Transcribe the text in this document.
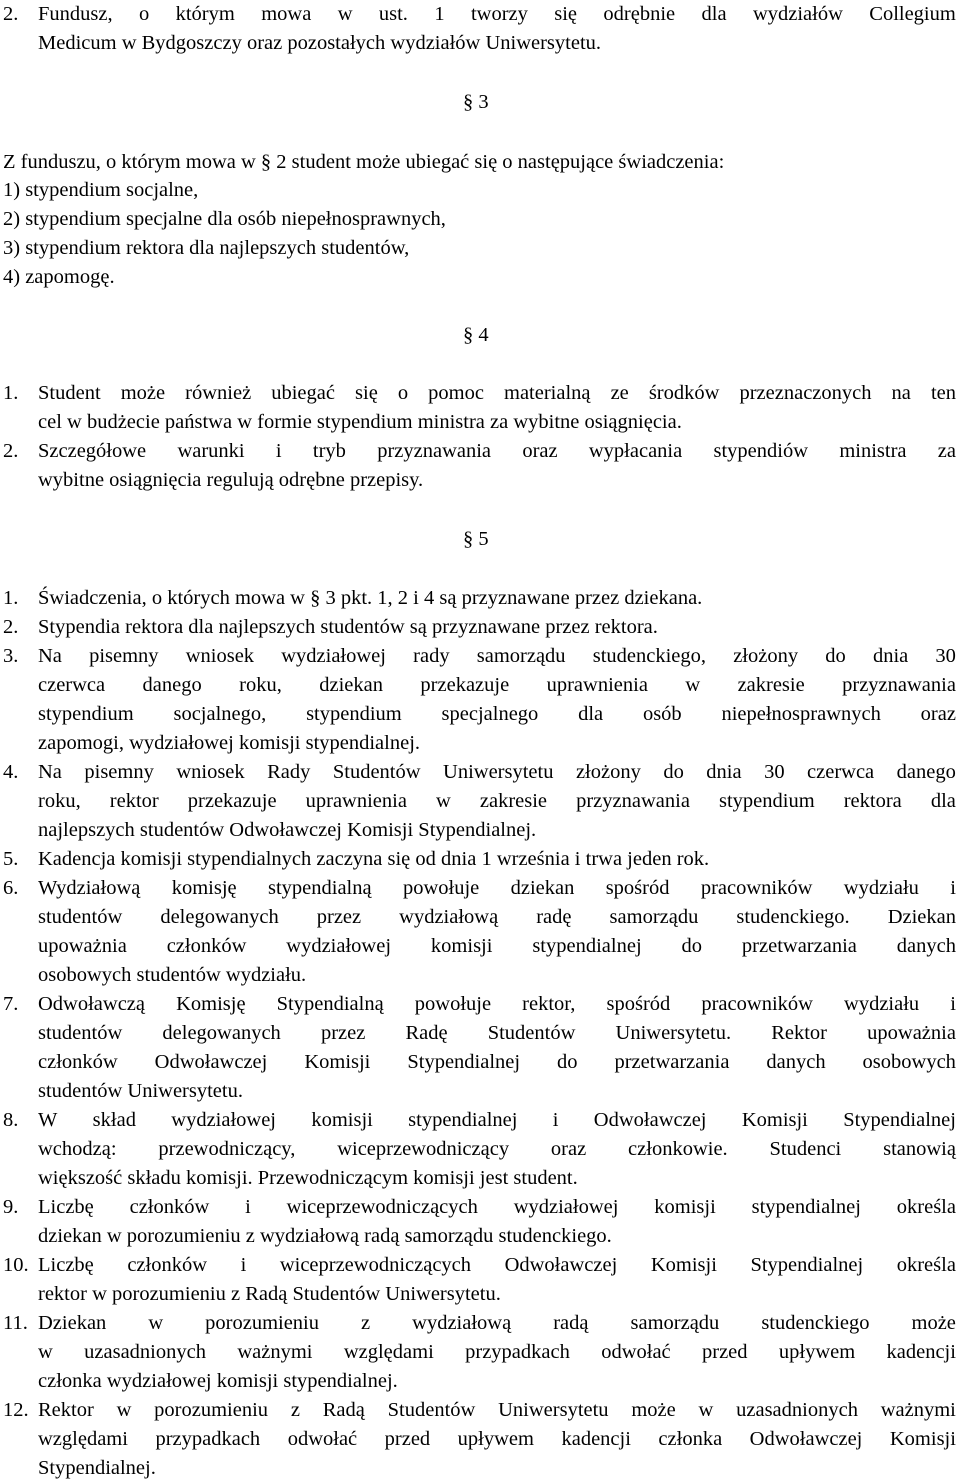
2. Fundusz, o którym mowa w ust. 1 tworzy się odrębnie dla wydziałów Collegium
Medicum w Bydgoszczy oraz pozostałych wydziałów Uniwersytetu.
§ 3
Z funduszu, o którym mowa w § 2 student może ubiegać się o następujące świadczenia:
1) stypendium socjalne,
2) stypendium specjalne dla osób niepełnosprawnych,
3) stypendium rektora dla najlepszych studentów,
4) zapomogę.
§ 4
1. Student może również ubiegać się o pomoc materialną ze środków przeznaczonych na ten
cel w budżecie państwa w formie stypendium ministra za wybitne osiągnięcia.
2. Szczegółowe warunki i tryb przyznawania oraz wypłacania stypendiów ministra za
wybitne osiągnięcia regulują odrębne przepisy.
§ 5
1. Świadczenia, o których mowa w § 3 pkt. 1, 2 i 4 są przyznawane przez dziekana.
2. Stypendia rektora dla najlepszych studentów są przyznawane przez rektora.
3. Na pisemny wniosek wydziałowej rady samorządu studenckiego, złożony do dnia 30
czerwca danego roku, dziekan przekazuje uprawnienia w zakresie przyznawania
stypendium socjalnego, stypendium specjalnego dla osób niepełnosprawnych oraz
zapomogi, wydziałowej komisji stypendialnej.
4. Na pisemny wniosek Rady Studentów Uniwersytetu złożony do dnia 30 czerwca danego
roku, rektor przekazuje uprawnienia w zakresie przyznawania stypendium rektora dla
najlepszych studentów Odwoławczej Komisji Stypendialnej.
5. Kadencja komisji stypendialnych zaczyna się od dnia 1 września i trwa jeden rok.
6. Wydziałową komisję stypendialną powołuje dziekan spośród pracowników wydziału i
studentów delegowanych przez wydziałową radę samorządu studenckiego. Dziekan
upoważnia członków wydziałowej komisji stypendialnej do przetwarzania danych
osobowych studentów wydziału.
7. Odwoławczą Komisję Stypendialną powołuje rektor, spośród pracowników wydziału i
studentów delegowanych przez Radę Studentów Uniwersytetu. Rektor upoważnia
członków Odwoławczej Komisji Stypendialnej do przetwarzania danych osobowych
studentów Uniwersytetu.
8. W skład wydziałowej komisji stypendialnej i Odwoławczej Komisji Stypendialnej
wchodzą: przewodniczący, wiceprzewodniczący oraz członkowie. Studenci stanowią
większość składu komisji. Przewodniczącym komisji jest student.
9. Liczbę członków i wiceprzewodniczących wydziałowej komisji stypendialnej określa
dziekan w porozumieniu z wydziałową radą samorządu studenckiego.
10. Liczbę członków i wiceprzewodniczących Odwoławczej Komisji Stypendialnej określa
rektor w porozumieniu z Radą Studentów Uniwersytetu.
11. Dziekan w porozumieniu z wydziałową radą samorządu studenckiego może
w uzasadnionych ważnymi względami przypadkach odwołać przed upływem kadencji
członka wydziałowej komisji stypendialnej.
12. Rektor w porozumieniu z Radą Studentów Uniwersytetu może w uzasadnionych ważnymi
względami przypadkach odwołać przed upływem kadencji członka Odwoławczej Komisji
Stypendialnej.
